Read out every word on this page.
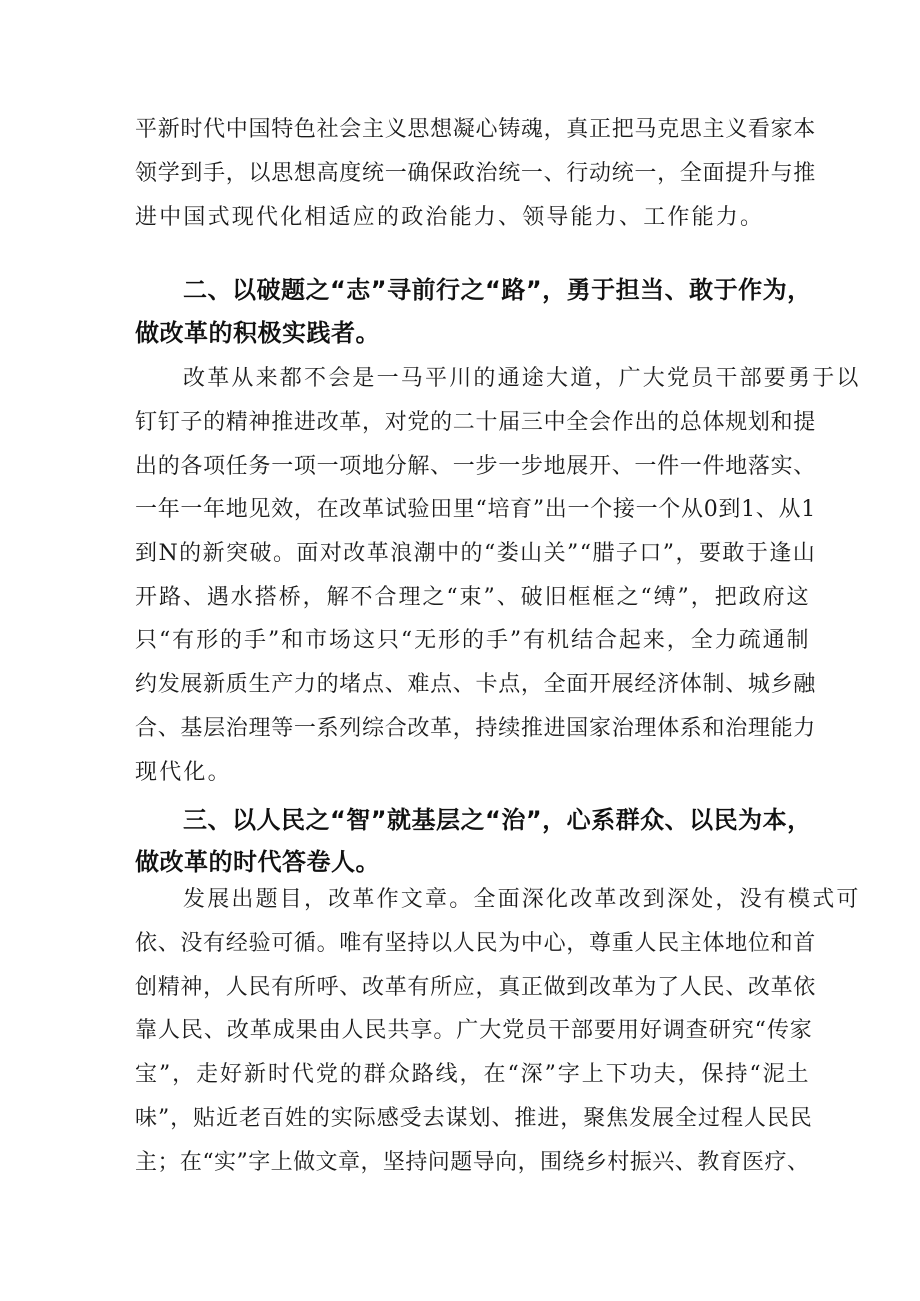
平新时代中国特色社会主义思想凝心铸魂，真正把马克思主义看家本
领学到手，以思想高度统一确保政治统一、行动统一，全面提升与推
进中国式现代化相适应的政治能力、领导能力、工作能力。
二、以破题之“志”寻前行之“路”，勇于担当、敢于作为，
做改革的积极实践者。
改革从来都不会是一马平川的通途大道，广大党员干部要勇于以
钉钉子的精神推进改革，对党的二十届三中全会作出的总体规划和提
出的各项任务一项一项地分解、一步一步地展开、一件一件地落实、
一年一年地见效，在改革试验田里“培育”出一个接一个从0到1、从1
到N的新突破。面对改革浪潮中的“娄山关”“腊子口”，要敢于逢山
开路、遇水搭桥，解不合理之“束”、破旧框框之“缚”，把政府这
只“有形的手”和市场这只“无形的手”有机结合起来，全力疏通制
约发展新质生产力的堵点、难点、卡点，全面开展经济体制、城乡融
合、基层治理等一系列综合改革，持续推进国家治理体系和治理能力
现代化。
三、以人民之“智”就基层之“治”，心系群众、以民为本，
做改革的时代答卷人。
发展出题目，改革作文章。全面深化改革改到深处，没有模式可
依、没有经验可循。唯有坚持以人民为中心，尊重人民主体地位和首
创精神，人民有所呼、改革有所应，真正做到改革为了人民、改革依
靠人民、改革成果由人民共享。广大党员干部要用好调查研究“传家
宝”，走好新时代党的群众路线，在“深”字上下功夫，保持“泥土
味”，贴近老百姓的实际感受去谋划、推进，聚焦发展全过程人民民
主；在“实”字上做文章，坚持问题导向，围绕乡村振兴、教育医疗、
